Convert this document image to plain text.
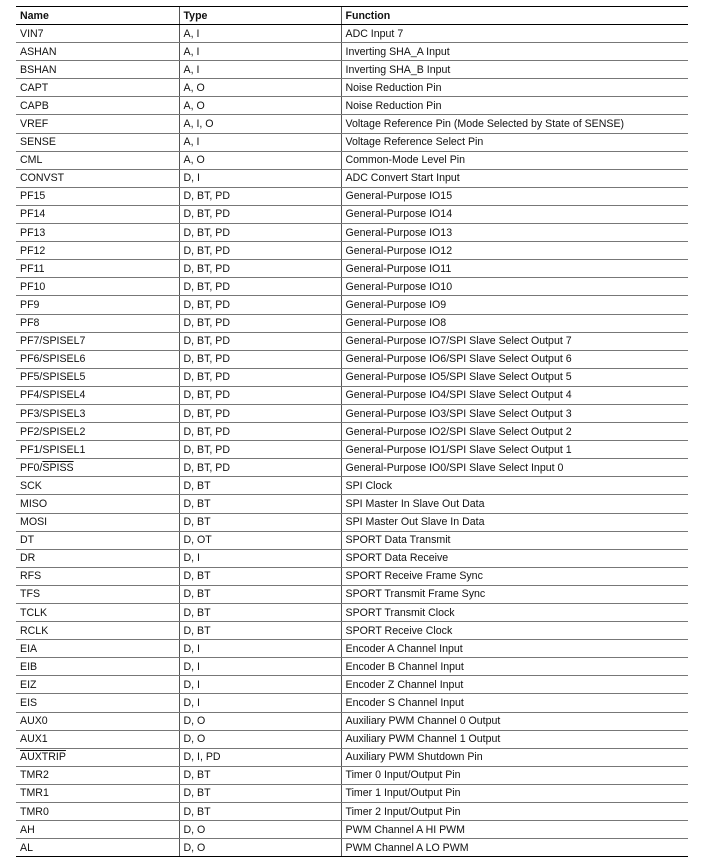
Name	Type	Function
VIN7	A, I	ADC Input 7
ASHAN	A, I	Inverting SHA_A Input
BSHAN	A, I	Inverting SHA_B Input
CAPT	A, O	Noise Reduction Pin
CAPB	A, O	Noise Reduction Pin
VREF	A, I, O	Voltage Reference Pin (Mode Selected by State of SENSE)
SENSE	A, I	Voltage Reference Select Pin
CML	A, O	Common-Mode Level Pin
CONVST	D, I	ADC Convert Start Input
PF15	D, BT, PD	General-Purpose IO15
PF14	D, BT, PD	General-Purpose IO14
PF13	D, BT, PD	General-Purpose IO13
PF12	D, BT, PD	General-Purpose IO12
PF11	D, BT, PD	General-Purpose IO11
PF10	D, BT, PD	General-Purpose IO10
PF9	D, BT, PD	General-Purpose IO9
PF8	D, BT, PD	General-Purpose IO8
PF7/SPISEL7	D, BT, PD	General-Purpose IO7/SPI Slave Select Output 7
PF6/SPISEL6	D, BT, PD	General-Purpose IO6/SPI Slave Select Output 6
PF5/SPISEL5	D, BT, PD	General-Purpose IO5/SPI Slave Select Output 5
PF4/SPISEL4	D, BT, PD	General-Purpose IO4/SPI Slave Select Output 4
PF3/SPISEL3	D, BT, PD	General-Purpose IO3/SPI Slave Select Output 3
PF2/SPISEL2	D, BT, PD	General-Purpose IO2/SPI Slave Select Output 2
PF1/SPISEL1	D, BT, PD	General-Purpose IO1/SPI Slave Select Output 1
PF0/SPISS	D, BT, PD	General-Purpose IO0/SPI Slave Select Input 0
SCK	D, BT	SPI Clock
MISO	D, BT	SPI Master In Slave Out Data
MOSI	D, BT	SPI Master Out Slave In Data
DT	D, OT	SPORT Data Transmit
DR	D, I	SPORT Data Receive
RFS	D, BT	SPORT Receive Frame Sync
TFS	D, BT	SPORT Transmit Frame Sync
TCLK	D, BT	SPORT Transmit Clock
RCLK	D, BT	SPORT Receive Clock
EIA	D, I	Encoder A Channel Input
EIB	D, I	Encoder B Channel Input
EIZ	D, I	Encoder Z Channel Input
EIS	D, I	Encoder S Channel Input
AUX0	D, O	Auxiliary PWM Channel 0 Output
AUX1	D, O	Auxiliary PWM Channel 1 Output
AUXTRIP	D, I, PD	Auxiliary PWM Shutdown Pin
TMR2	D, BT	Timer 0 Input/Output Pin
TMR1	D, BT	Timer 1 Input/Output Pin
TMR0	D, BT	Timer 2 Input/Output Pin
AH	D, O	PWM Channel A HI PWM
AL	D, O	PWM Channel A LO PWM
